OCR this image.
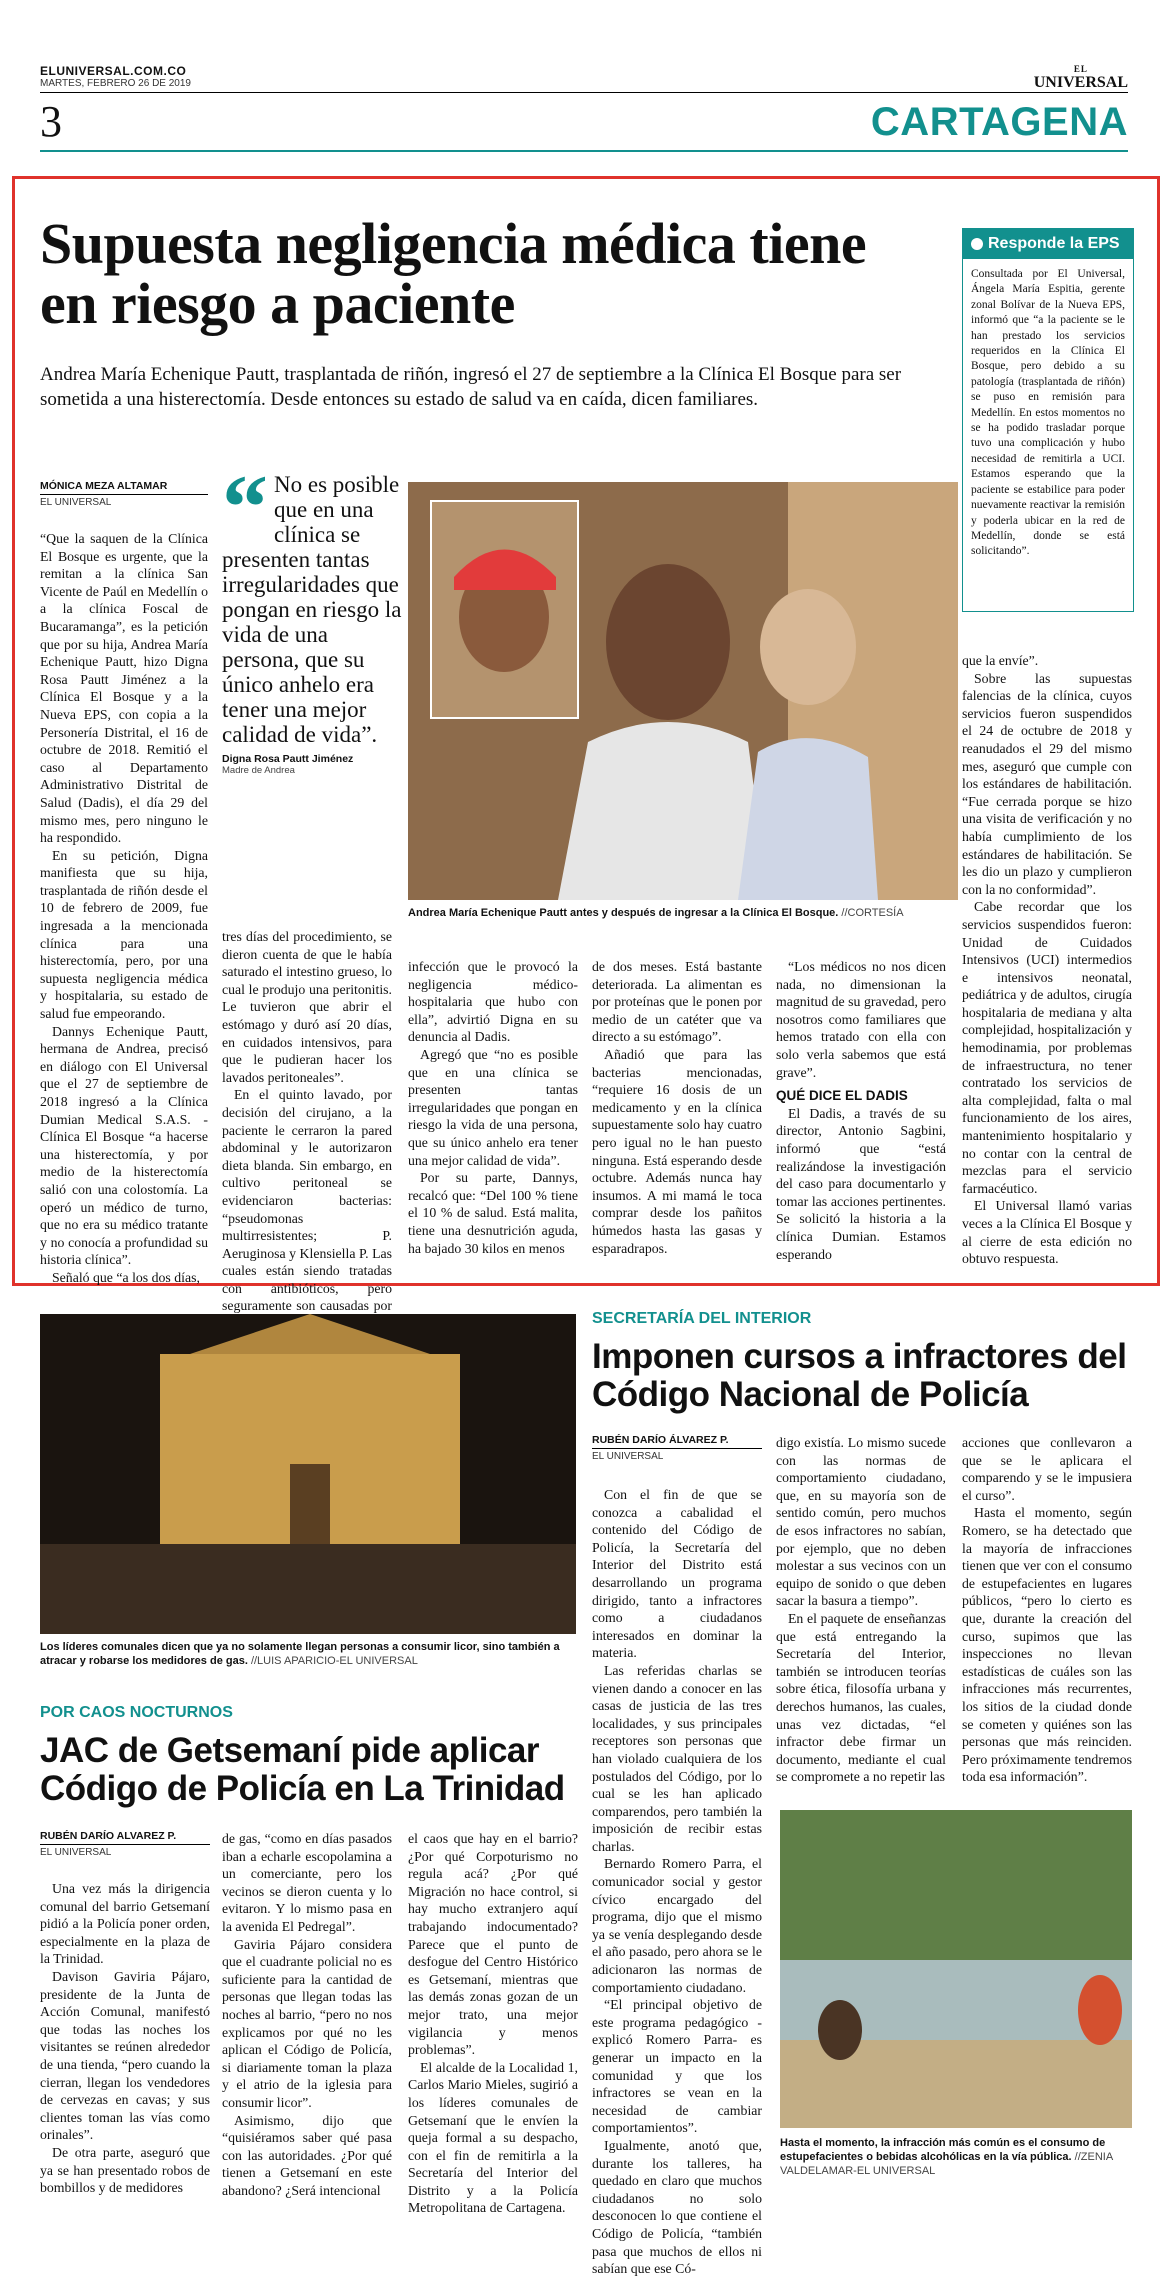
ELUNIVERSAL.COM.CO
MARTES, FEBRERO 26 DE 2019
EL
UNIVERSAL
3	CARTAGENA
Supuesta negligencia médica tiene en riesgo a paciente
Andrea María Echenique Pautt, trasplantada de riñón, ingresó el 27 de septiembre a la Clínica El Bosque para ser sometida a una histerectomía. Desde entonces su estado de salud va en caída, dicen familiares.
Responde la EPS
Consultada por El Universal, Ángela María Espitia, gerente zonal Bolívar de la Nueva EPS, informó que “a la paciente se le han prestado los servicios requeridos en la Clínica El Bosque, pero debido a su patología (trasplantada de riñón) se puso en remisión para Medellín. En estos momentos no se ha podido trasladar porque tuvo una complicación y hubo necesidad de remitirla a UCI. Estamos esperando que la paciente se estabilice para poder nuevamente reactivar la remisión y poderla ubicar en la red de Medellín, donde se está solicitando”.
MÓNICA MEZA ALTAMAR
EL UNIVERSAL

“Que la saquen de la Clínica El Bosque es urgente, que la remitan a la clínica San Vicente de Paúl en Medellín o a la clínica Foscal de Bucaramanga”, es la petición que por su hija, Andrea María Echenique Pautt, hizo Digna Rosa Pautt Jiménez a la Clínica El Bosque y a la Nueva EPS, con copia a la Personería Distrital, el 16 de octubre de 2018. Remitió el caso al Departamento Administrativo Distrital de Salud (Dadis), el día 29 del mismo mes, pero ninguno le ha respondido.

En su petición, Digna manifiesta que su hija, trasplantada de riñón desde el 10 de febrero de 2009, fue ingresada a la mencionada clínica para una histerectomía, pero, por una supuesta negligencia médica y hospitalaria, su estado de salud fue empeorando.

Dannys Echenique Pautt, hermana de Andrea, precisó en diálogo con El Universal que el 27 de septiembre de 2018 ingresó a la Clínica Dumian Medical S.A.S. - Clínica El Bosque “a hacerse una histerectomía, y por medio de la histerectomía salió con una colostomía. La operó un médico de turno, que no era su médico tratante y no conocía a profundidad su historia clínica”.

Señaló que “a los dos días,

“ No es posible que en una clínica se presenten tantas irregularidades que pongan en riesgo la vida de una persona, que su único anhelo era tener una mejor calidad de vida”.
Digna Rosa Pautt Jiménez
Madre de Andrea
Andrea María Echenique Pautt antes y después de ingresar a la Clínica El Bosque. //CORTESÍA

tres días del procedimiento, se dieron cuenta de que le había saturado el intestino grueso, lo cual le produjo una peritonitis. Le tuvieron que abrir el estómago y duró así 20 días, en cuidados intensivos, para que le pudieran hacer los lavados peritoneales”.

En el quinto lavado, por decisión del cirujano, a la paciente le cerraron la pared abdominal y le autorizaron dieta blanda. Sin embargo, en cultivo peritoneal se evidenciaron bacterias: “pseudomonas multirresistentes; P. Aeruginosa y Klensiella P. Las cuales están siendo tratadas con antibióticos, pero seguramente son causadas por

infección que le provocó la negligencia médico-hospitalaria que hubo con ella”, advirtió Digna en su denuncia al Dadis.

Agregó que “no es posible que en una clínica se presenten tantas irregularidades que pongan en riesgo la vida de una persona, que su único anhelo era tener una mejor calidad de vida”.

Por su parte, Dannys, recalcó que: “Del 100 % tiene el 10 % de salud. Está malita, tiene una desnutrición aguda, ha bajado 30 kilos en menos

de dos meses. Está bastante deteriorada. La alimentan es por proteínas que le ponen por medio de un catéter que va directo a su estómago”.

Añadió que para las bacterias mencionadas, “requiere 16 dosis de un medicamento y en la clínica supuestamente solo hay cuatro pero igual no le han puesto ninguna. Está esperando desde octubre. Además nunca hay insumos. A mi mamá le toca comprar desde los pañitos húmedos hasta las gasas y esparadrapos.

“Los médicos no nos dicen nada, no dimensionan la magnitud de su gravedad, pero nosotros como familiares que hemos tratado con ella con solo verla sabemos que está grave”.

QUÉ DICE EL DADIS

El Dadis, a través de su director, Antonio Sagbini, informó que “está realizándose la investigación del caso para documentarlo y tomar las acciones pertinentes. Se solicitó la historia a la clínica Dumian. Estamos esperando

que la envíe”.

Sobre las supuestas falencias de la clínica, cuyos servicios fueron suspendidos el 24 de octubre de 2018 y reanudados el 29 del mismo mes, aseguró que cumple con los estándares de habilitación. “Fue cerrada porque se hizo una visita de verificación y no había cumplimiento de los estándares de habilitación. Se les dio un plazo y cumplieron con la no conformidad”.

Cabe recordar que los servicios suspendidos fueron: Unidad de Cuidados Intensivos (UCI) intermedios e intensivos neonatal, pediátrica y de adultos, cirugía hospitalaria de mediana y alta complejidad, hospitalización y hemodinamia, por problemas de infraestructura, no tener contratado los servicios de alta complejidad, falta o mal funcionamiento de los aires, mantenimiento hospitalario y no contar con la central de mezclas para el servicio farmacéutico.

El Universal llamó varias veces a la Clínica El Bosque y al cierre de esta edición no obtuvo respuesta.

Los líderes comunales dicen que ya no solamente llegan personas a consumir licor, sino también a atracar y robarse los medidores de gas. //LUIS APARICIO-EL UNIVERSAL
POR CAOS NOCTURNOS
JAC de Getsemaní pide aplicar Código de Policía en La Trinidad
RUBÉN DARÍO ALVAREZ P.
EL UNIVERSAL

Una vez más la dirigencia comunal del barrio Getsemaní pidió a la Policía poner orden, especialmente en la plaza de la Trinidad.

Davison Gaviria Pájaro, presidente de la Junta de Acción Comunal, manifestó que todas las noches los visitantes se reúnen alrededor de una tienda, “pero cuando la cierran, llegan los vendedores de cervezas en cavas; y sus clientes toman las vías como orinales”.

De otra parte, aseguró que ya se han presentado robos de bombillos y de medidores

de gas, “como en días pasados iban a echarle escopolamina a un comerciante, pero los vecinos se dieron cuenta y lo evitaron. Y lo mismo pasa en la avenida El Pedregal”.

Gaviria Pájaro considera que el cuadrante policial no es suficiente para la cantidad de personas que llegan todas las noches al barrio, “pero no nos explicamos por qué no les aplican el Código de Policía, si diariamente toman la plaza y el atrio de la iglesia para consumir licor”.

Asimismo, dijo que “quisiéramos saber qué pasa con las autoridades. ¿Por qué tienen a Getsemaní en este abandono? ¿Será intencional

el caos que hay en el barrio? ¿Por qué Corpoturismo no regula acá? ¿Por qué Migración no hace control, si hay mucho extranjero aquí trabajando indocumentado? Parece que el punto de desfogue del Centro Histórico es Getsemaní, mientras que las demás zonas gozan de un mejor trato, una mejor vigilancia y menos problemas”.

El alcalde de la Localidad 1, Carlos Mario Mieles, sugirió a los líderes comunales de Getsemaní que le envíen la queja formal a su despacho, con el fin de remitirla a la Secretaría del Interior del Distrito y a la Policía Metropolitana de Cartagena.

SECRETARÍA DEL INTERIOR
Imponen cursos a infractores del Código Nacional de Policía
RUBÉN DARÍO ÁLVAREZ P.
EL UNIVERSAL

Con el fin de que se conozca a cabalidad el contenido del Código de Policía, la Secretaría del Interior del Distrito está desarrollando un programa dirigido, tanto a infractores como a ciudadanos interesados en dominar la materia.

Las referidas charlas se vienen dando a conocer en las casas de justicia de las tres localidades, y sus principales receptores son personas que han violado cualquiera de los postulados del Código, por lo cual se les han aplicado comparendos, pero también la imposición de recibir estas charlas.

Bernardo Romero Parra, el comunicador social y gestor cívico encargado del programa, dijo que el mismo ya se venía desplegando desde el año pasado, pero ahora se le adicionaron las normas de comportamiento ciudadano.

“El principal objetivo de este programa pedagógico -explicó Romero Parra- es generar un impacto en la comunidad y que los infractores se vean en la necesidad de cambiar comportamientos”.

Igualmente, anotó que, durante los talleres, ha quedado en claro que muchos ciudadanos no solo desconocen lo que contiene el Código de Policía, “también pasa que muchos de ellos ni sabían que ese Có-

digo existía. Lo mismo sucede con las normas de comportamiento ciudadano, que, en su mayoría son de sentido común, pero muchos de esos infractores no sabían, por ejemplo, que no deben molestar a sus vecinos con un equipo de sonido o que deben sacar la basura a tiempo”.

En el paquete de enseñanzas que está entregando la Secretaría del Interior, también se introducen teorías sobre ética, filosofía urbana y derechos humanos, las cuales, unas vez dictadas, “el infractor debe firmar un documento, mediante el cual se compromete a no repetir las

acciones que conllevaron a que se le aplicara el comparendo y se le impusiera el curso”.

Hasta el momento, según Romero, se ha detectado que la mayoría de infracciones tienen que ver con el consumo de estupefacientes en lugares públicos, “pero lo cierto es que, durante la creación del curso, supimos que las inspecciones no llevan estadísticas de cuáles son las infracciones más recurrentes, los sitios de la ciudad donde se cometen y quiénes son las personas que más reinciden. Pero próximamente tendremos toda esa información”.

Hasta el momento, la infracción más común es el consumo de estupefacientes o bebidas alcohólicas en la vía pública. //ZENIA VALDELAMAR-EL UNIVERSAL
